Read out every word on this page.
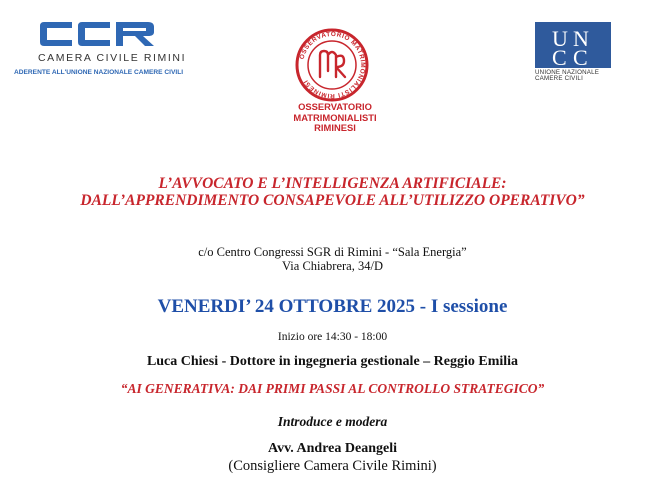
CAMERA CIVILE RIMINI
ADERENTE ALL'UNIONE NAZIONALE CAMERE CIVILI
OSSERVATORIO MATRIMONIALISTI RIMINESI
OSSERVATORIO
MATRIMONIALISTI
RIMINESI
U N
C C
UNIONE NAZIONALE
CAMERE CIVILI
L’AVVOCATO E L’INTELLIGENZA ARTIFICIALE:
DALL’APPRENDIMENTO CONSAPEVOLE ALL’UTILIZZO OPERATIVO”
c/o Centro Congressi SGR di Rimini - “Sala Energia”
Via Chiabrera, 34/D
VENERDI’ 24 OTTOBRE 2025 - I sessione
Inizio ore 14:30 - 18:00
Luca Chiesi - Dottore in ingegneria gestionale – Reggio Emilia
“AI GENERATIVA: DAI PRIMI PASSI AL CONTROLLO STRATEGICO”
Introduce e modera
Avv. Andrea Deangeli
(Consigliere Camera Civile Rimini)
